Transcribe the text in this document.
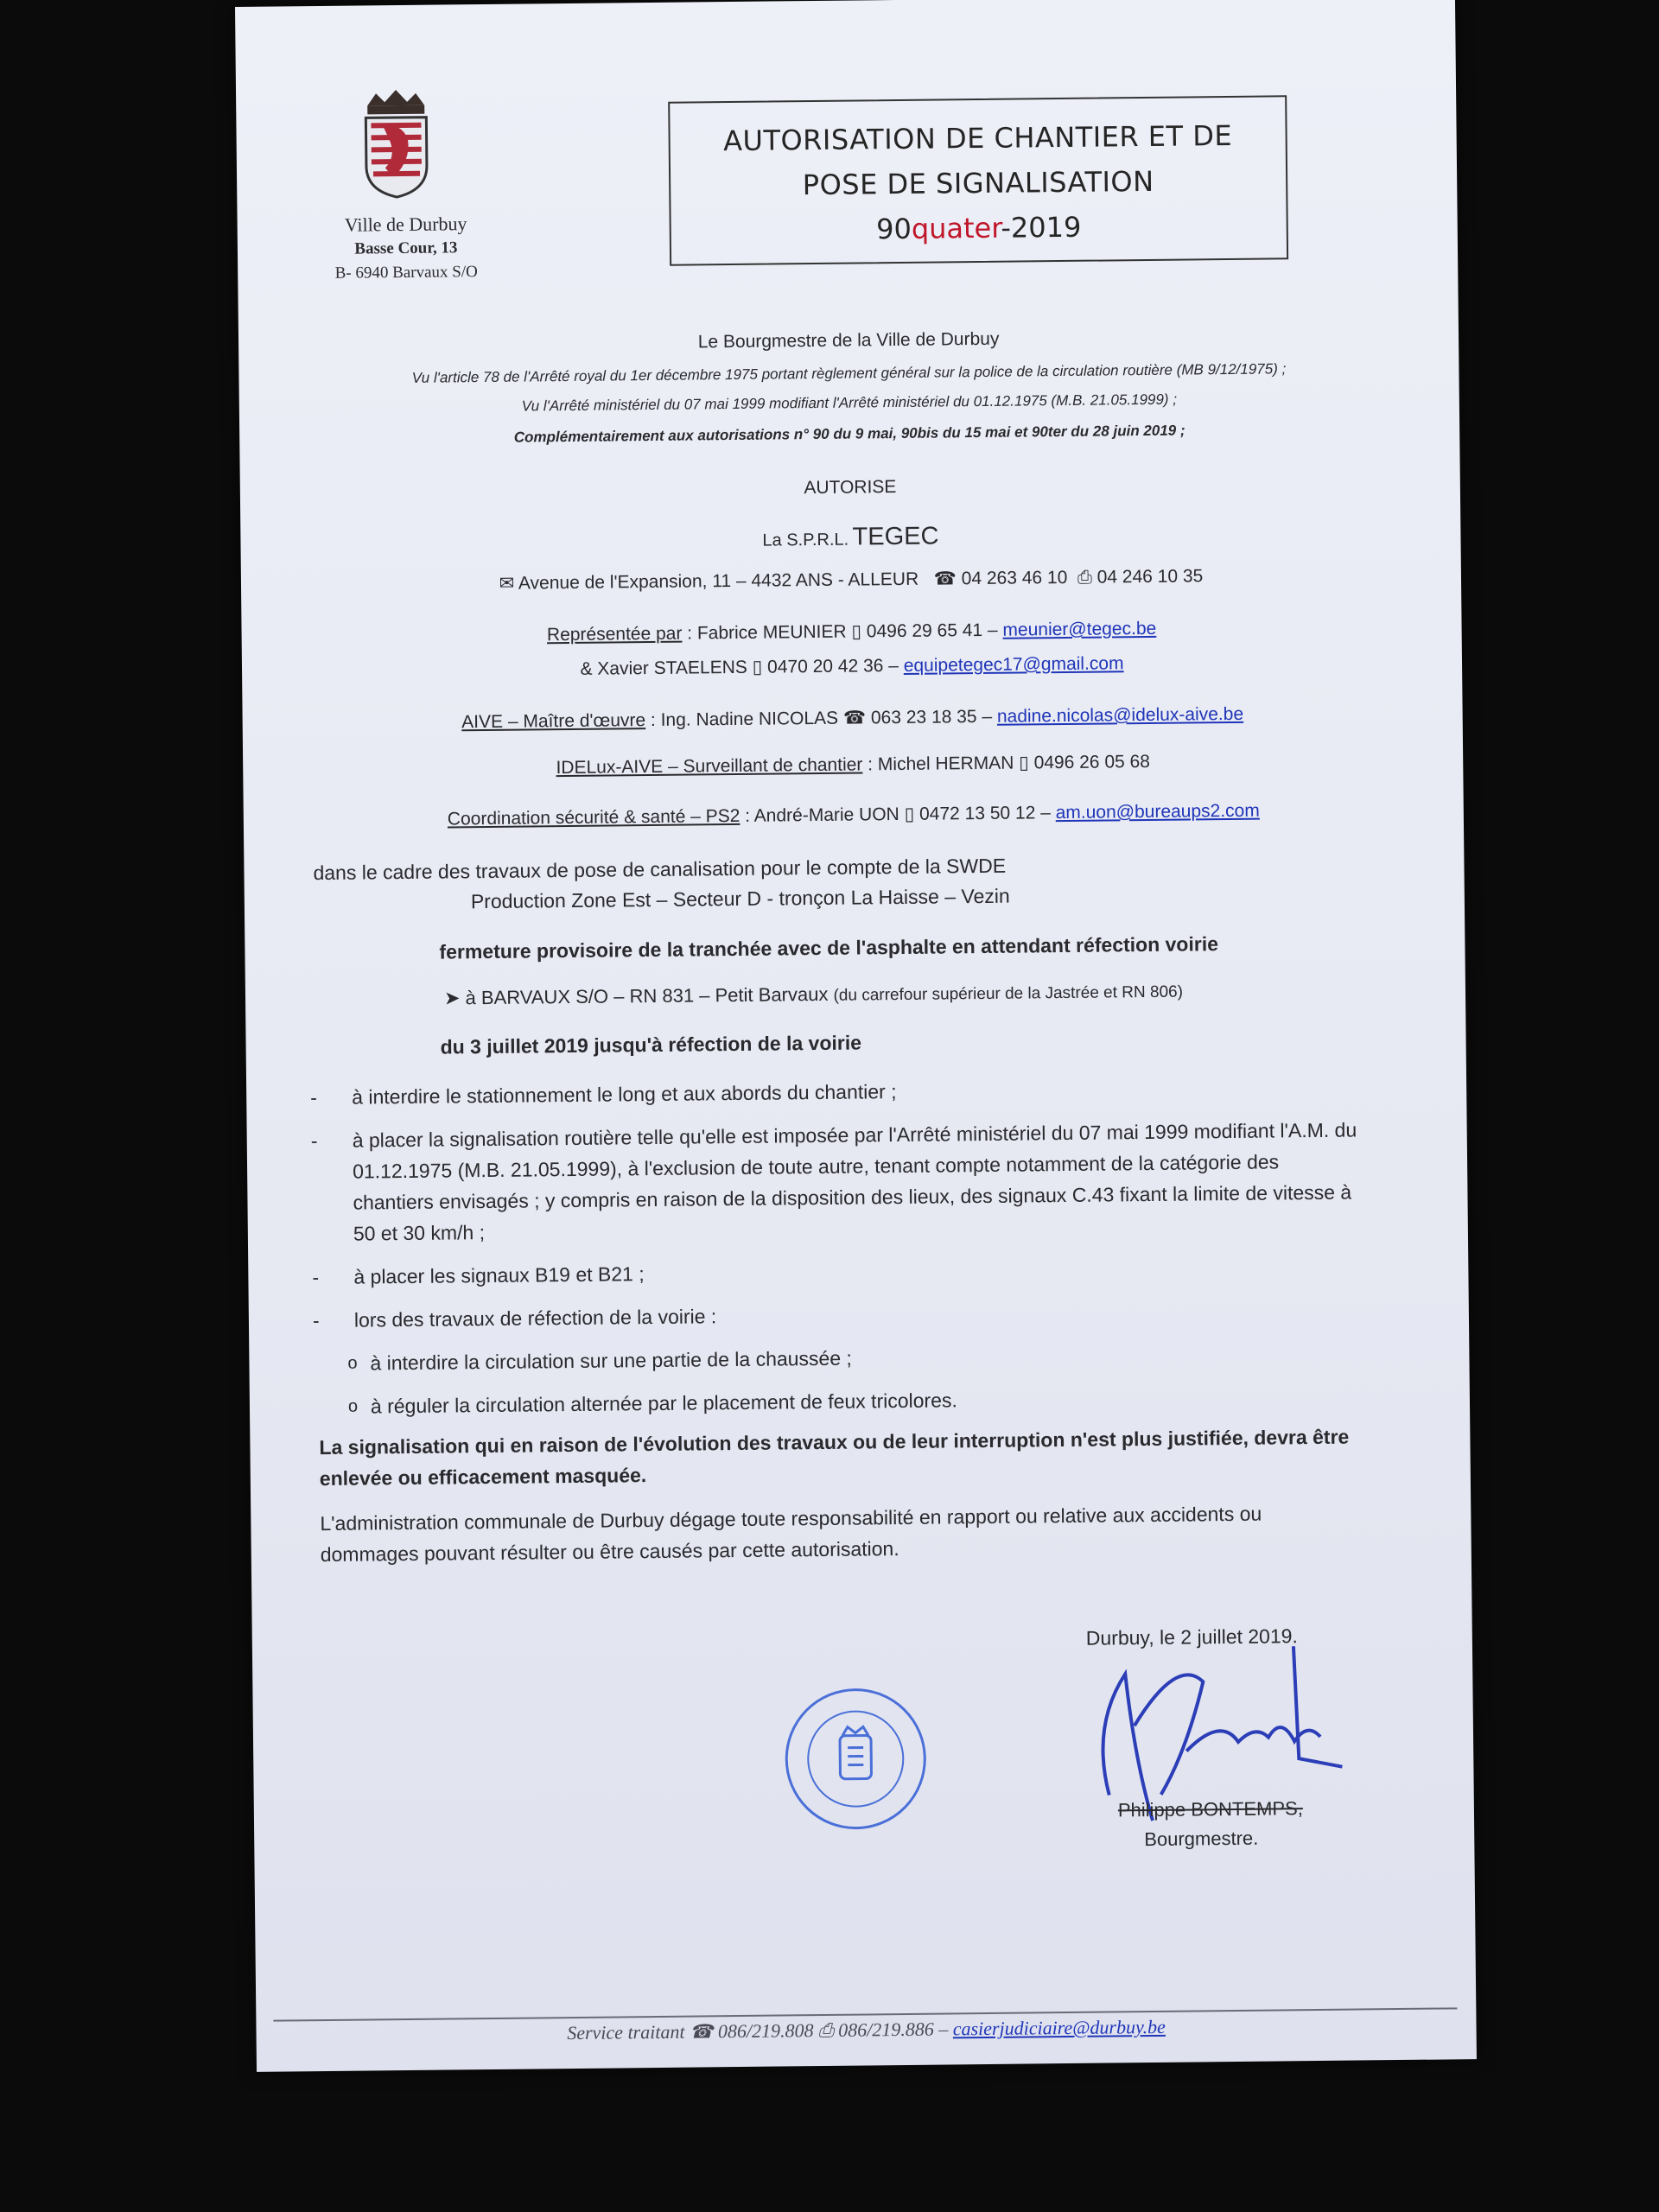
Ville de Durbuy
Basse Cour, 13
B- 6940 Barvaux S/O
AUTORISATION DE CHANTIER ET DE
POSE DE SIGNALISATION
90quater-2019
Le Bourgmestre de la Ville de Durbuy
Vu l'article 78 de l'Arrêté royal du 1er décembre 1975 portant règlement général sur la police de la circulation routière (MB 9/12/1975) ;
Vu l'Arrêté ministériel du 07 mai 1999 modifiant l'Arrêté ministériel du 01.12.1975 (M.B. 21.05.1999) ;
Complémentairement aux autorisations n° 90 du 9 mai, 90bis du 15 mai et 90ter du 28 juin 2019 ;
AUTORISE
La S.P.R.L. TEGEC
✉ Avenue de l'Expansion, 11 – 4432 ANS - ALLEUR ☎ 04 263 46 10 ⎙ 04 246 10 35
Représentée par : Fabrice MEUNIER ▯ 0496 29 65 41 – meunier@tegec.be
& Xavier STAELENS ▯ 0470 20 42 36 – equipetegec17@gmail.com
AIVE – Maître d'œuvre : Ing. Nadine NICOLAS ☎ 063 23 18 35 – nadine.nicolas@idelux-aive.be
IDELux-AIVE – Surveillant de chantier : Michel HERMAN ▯ 0496 26 05 68
Coordination sécurité & santé – PS2 : André-Marie UON ▯ 0472 13 50 12 – am.uon@bureaups2.com
dans le cadre des travaux de pose de canalisation pour le compte de la SWDE
Production Zone Est – Secteur D - tronçon La Haisse – Vezin
fermeture provisoire de la tranchée avec de l'asphalte en attendant réfection voirie
➤ à BARVAUX S/O – RN 831 – Petit Barvaux (du carrefour supérieur de la Jastrée et RN 806)
du 3 juillet 2019 jusqu'à réfection de la voirie
- à interdire le stationnement le long et aux abords du chantier ;
- à placer la signalisation routière telle qu'elle est imposée par l'Arrêté ministériel du 07 mai 1999 modifiant l'A.M. du 01.12.1975 (M.B. 21.05.1999), à l'exclusion de toute autre, tenant compte notamment de la catégorie des chantiers envisagés ; y compris en raison de la disposition des lieux, des signaux C.43 fixant la limite de vitesse à 50 et 30 km/h ;
- à placer les signaux B19 et B21 ;
- lors des travaux de réfection de la voirie :
o à interdire la circulation sur une partie de la chaussée ;
o à réguler la circulation alternée par le placement de feux tricolores.
La signalisation qui en raison de l'évolution des travaux ou de leur interruption n'est plus justifiée, devra être enlevée ou efficacement masquée.
L'administration communale de Durbuy dégage toute responsabilité en rapport ou relative aux accidents ou dommages pouvant résulter ou être causés par cette autorisation.
Durbuy, le 2 juillet 2019.
Philippe BONTEMPS,
Bourgmestre.
Service traitant ☎ 086/219.808 ⎙ 086/219.886 – casierjudiciaire@durbuy.be
